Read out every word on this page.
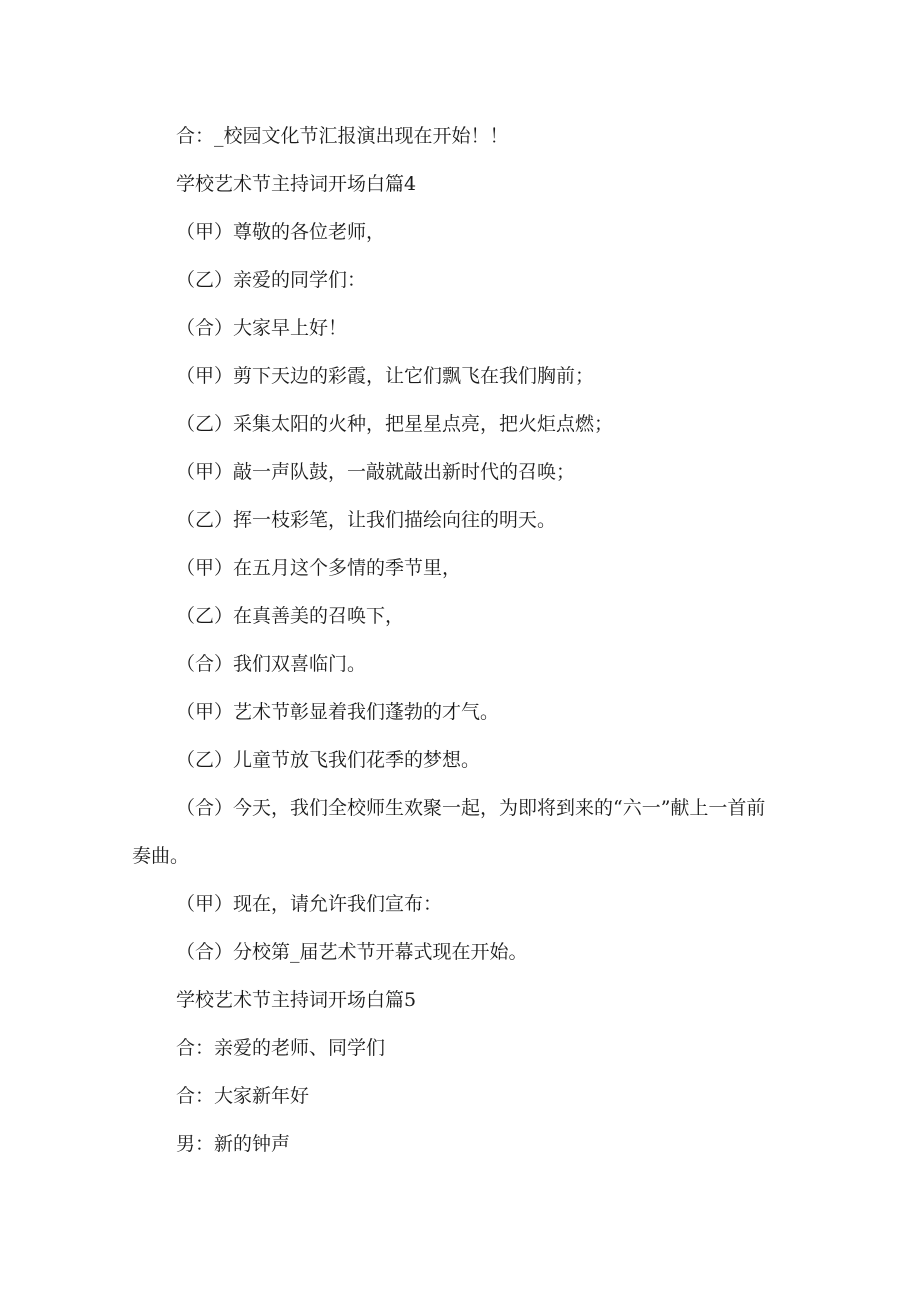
合：_校园文化节汇报演出现在开始！！

学校艺术节主持词开场白篇4

（甲）尊敬的各位老师，

（乙）亲爱的同学们：

（合）大家早上好！

（甲）剪下天边的彩霞，让它们飘飞在我们胸前；

（乙）采集太阳的火种，把星星点亮，把火炬点燃；

（甲）敲一声队鼓，一敲就敲出新时代的召唤；

（乙）挥一枝彩笔，让我们描绘向往的明天。

（甲）在五月这个多情的季节里，

（乙）在真善美的召唤下，

（合）我们双喜临门。

（甲）艺术节彰显着我们蓬勃的才气。

（乙）儿童节放飞我们花季的梦想。

（合）今天，我们全校师生欢聚一起，为即将到来的“六一”献上一首前奏曲。

（甲）现在，请允许我们宣布：

（合）分校第_届艺术节开幕式现在开始。

学校艺术节主持词开场白篇5

合：亲爱的老师、同学们

合：大家新年好

男：新的钟声
